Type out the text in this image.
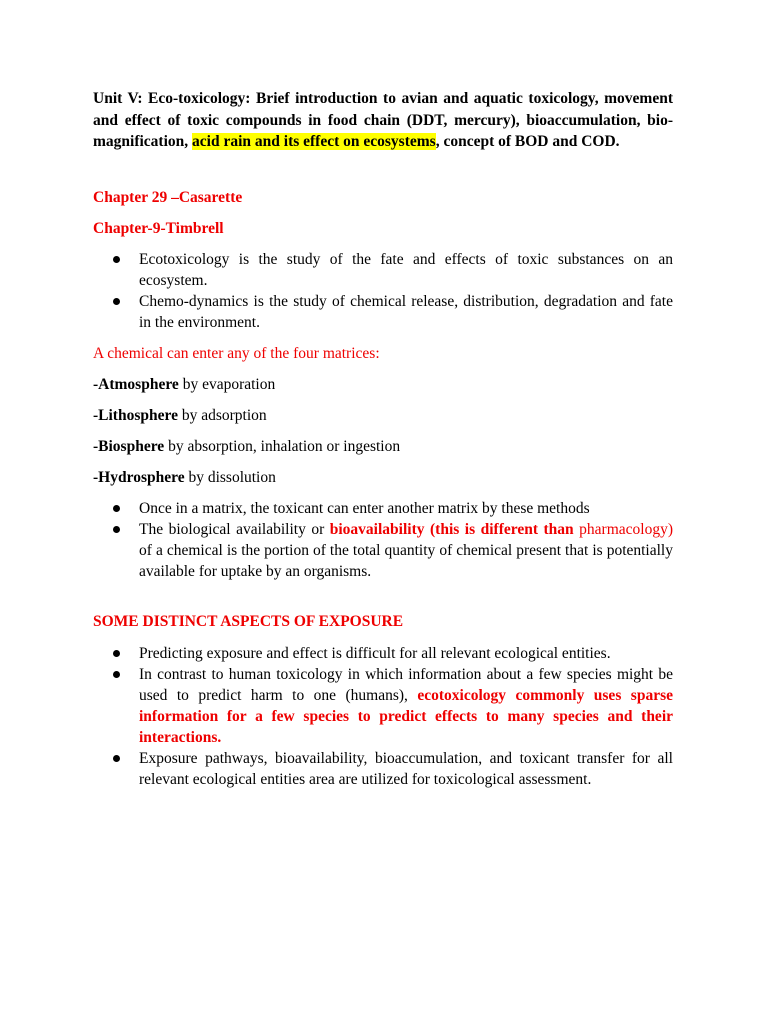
Unit V: Eco-toxicology: Brief introduction to avian and aquatic toxicology, movement and effect of toxic compounds in food chain (DDT, mercury), bioaccumulation, bio-magnification, acid rain and its effect on ecosystems, concept of BOD and COD.

Chapter 29 –Casarette

Chapter-9-Timbrell

Ecotoxicology is the study of the fate and effects of toxic substances on an ecosystem.
Chemo-dynamics is the study of chemical release, distribution, degradation and fate in the environment.

A chemical can enter any of the four matrices:

-Atmosphere by evaporation

-Lithosphere by adsorption

-Biosphere by absorption, inhalation or ingestion

-Hydrosphere by dissolution

Once in a matrix, the toxicant can enter another matrix by these methods
The biological availability or bioavailability (this is different than pharmacology) of a chemical is the portion of the total quantity of chemical present that is potentially available for uptake by an organisms.

SOME DISTINCT ASPECTS OF EXPOSURE

Predicting exposure and effect is difficult for all relevant ecological entities.
In contrast to human toxicology in which information about a few species might be used to predict harm to one (humans), ecotoxicology commonly uses sparse information for a few species to predict effects to many species and their interactions.
Exposure pathways, bioavailability, bioaccumulation, and toxicant transfer for all relevant ecological entities area are utilized for toxicological assessment.
